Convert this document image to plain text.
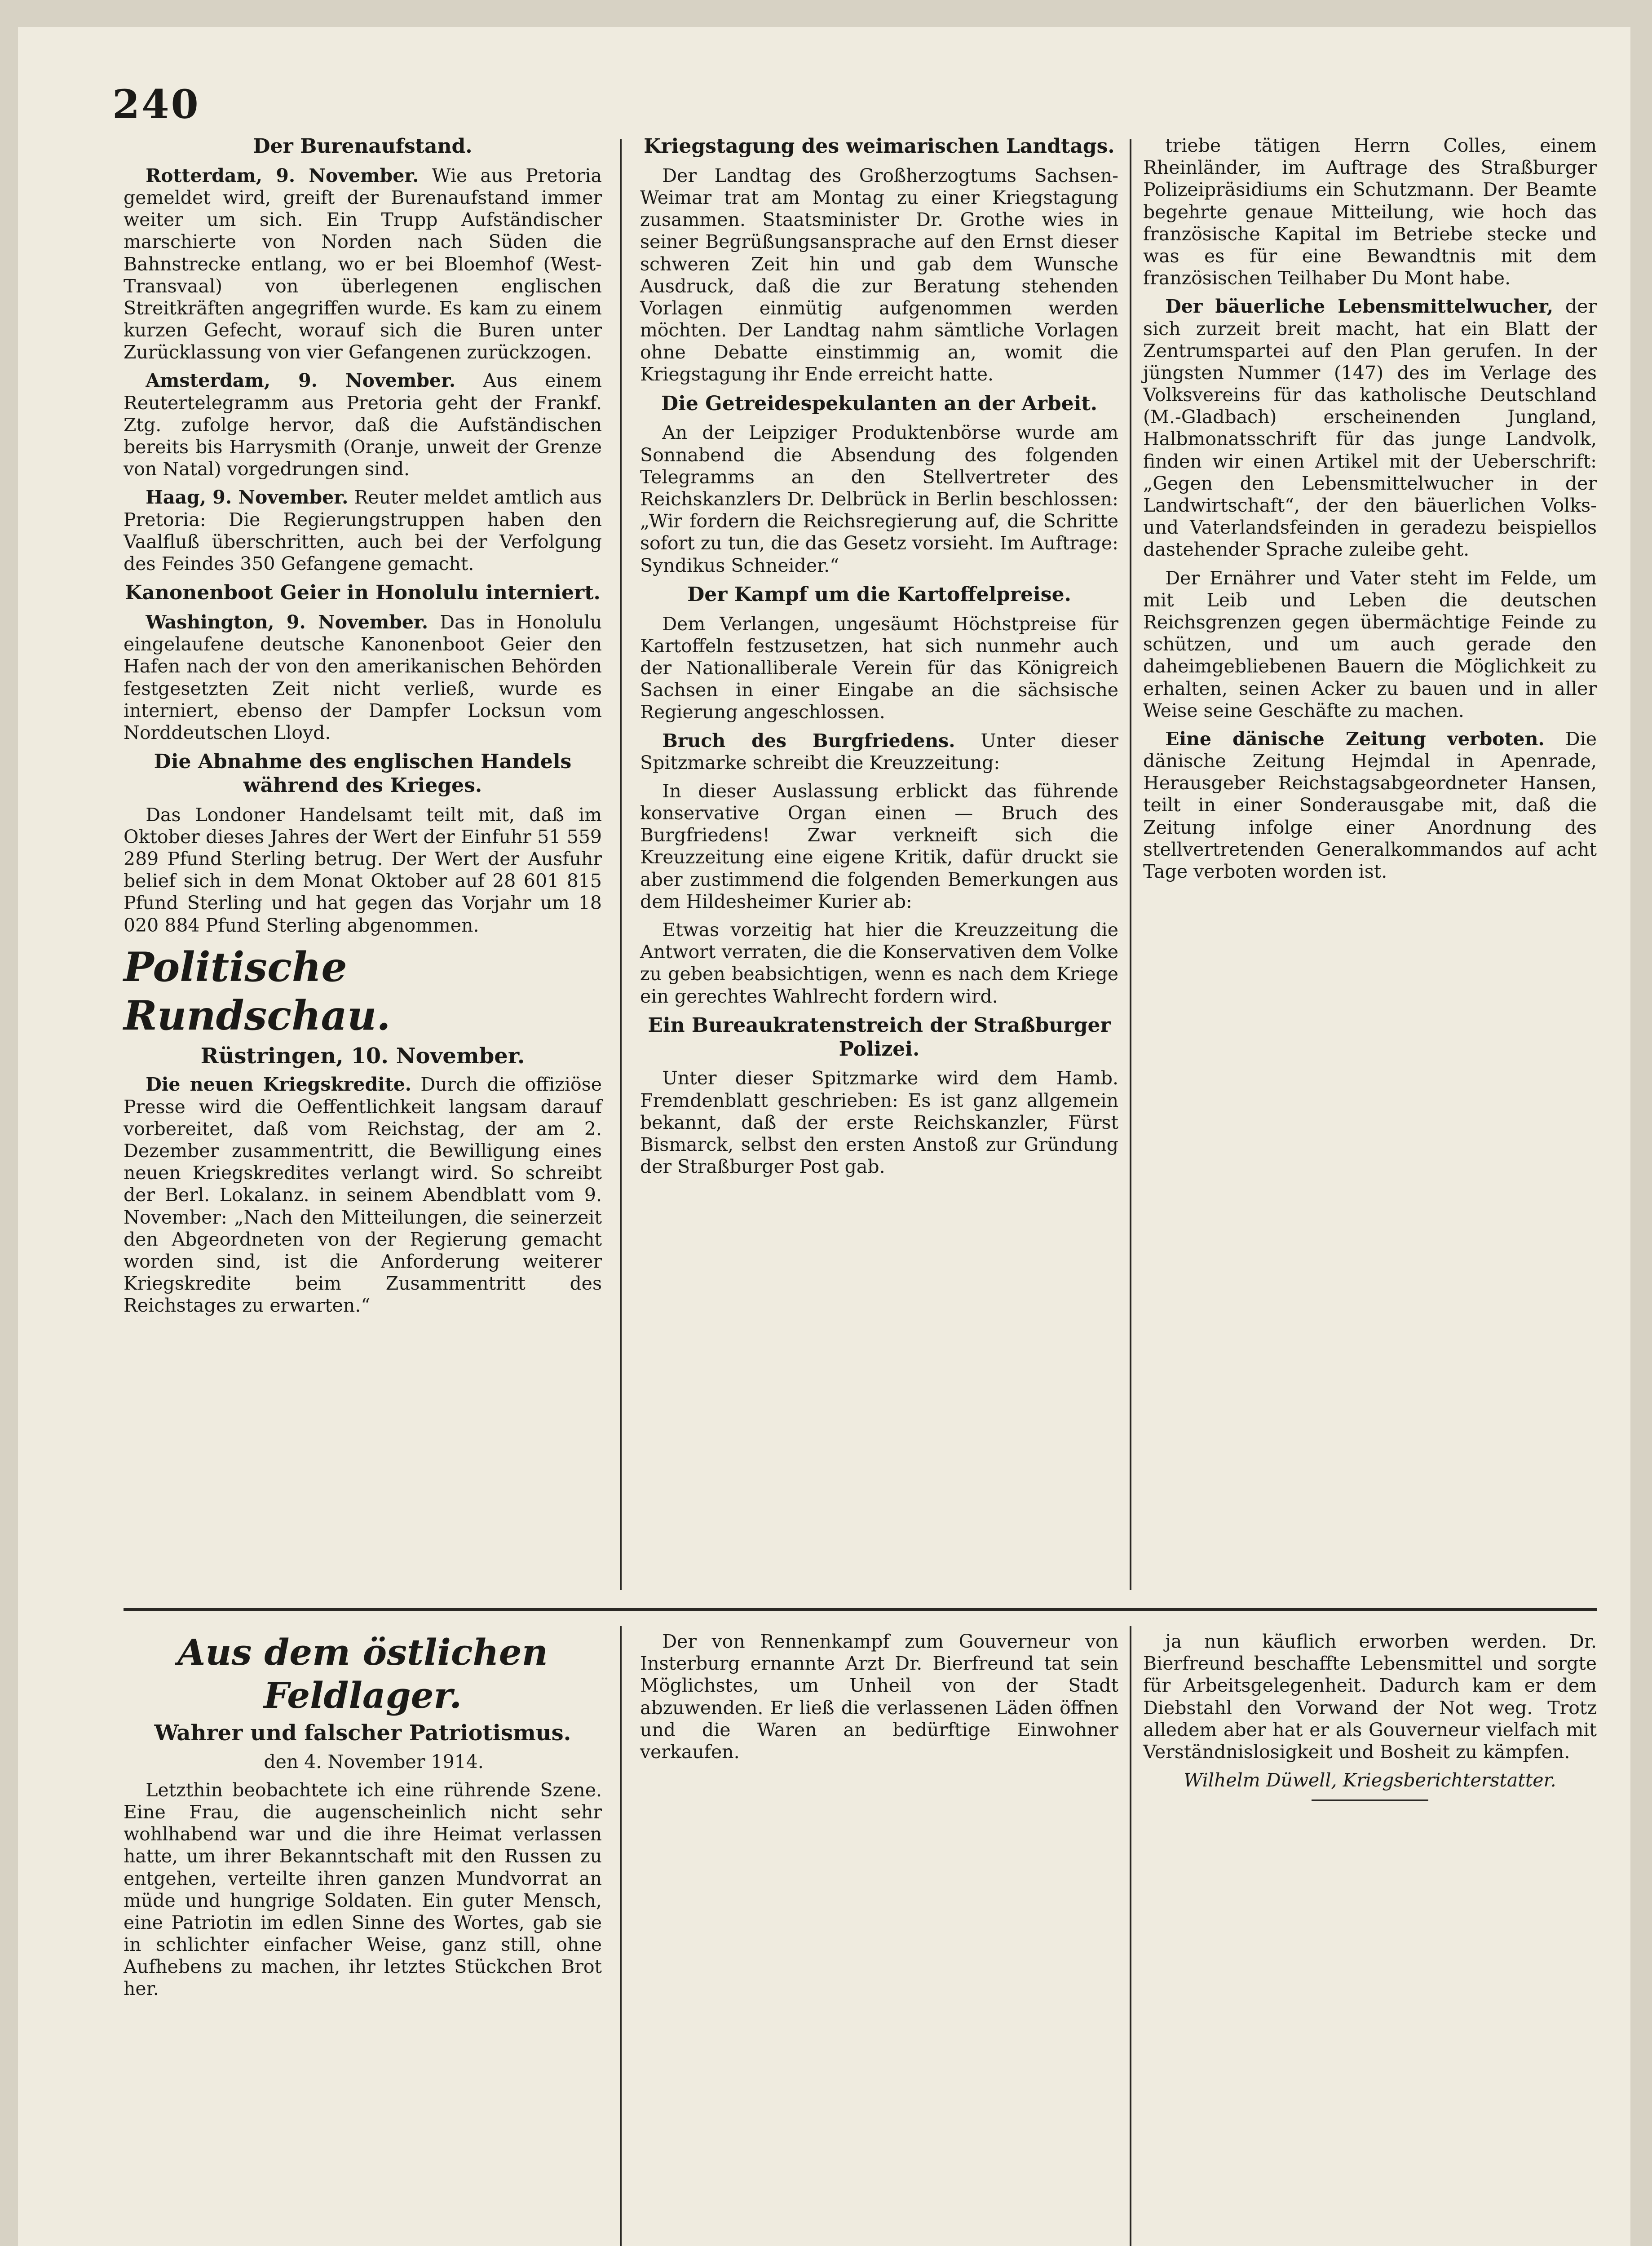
240
Der Burenaufstand.

Rotterdam, 9. November. Wie aus Pretoria gemeldet wird, greift der Burenaufstand immer weiter um sich. Ein Trupp Aufständischer marschierte von Norden nach Süden die Bahnstrecke entlang, wo er bei Bloemhof (West-Transvaal) von überlegenen englischen Streitkräften angegriffen wurde. Es kam zu einem kurzen Gefecht, worauf sich die Buren unter Zurücklassung von vier Gefangenen zurückzogen.

Amsterdam, 9. November. Aus einem Reutertelegramm aus Pretoria geht der Frankf. Ztg. zufolge hervor, daß die Aufständischen bereits bis Harrysmith (Oranje, unweit der Grenze von Natal) vorgedrungen sind.

Haag, 9. November. Reuter meldet amtlich aus Pretoria: Die Regierungstruppen haben den Vaalfluß überschritten, auch bei der Verfolgung des Feindes 350 Gefangene gemacht.

Kanonenboot Geier in Honolulu interniert.

Washington, 9. November. Das in Honolulu eingelaufene deutsche Kanonenboot Geier den Hafen nach der von den amerikanischen Behörden festgesetzten Zeit nicht verließ, wurde es interniert, ebenso der Dampfer Locksun vom Norddeutschen Lloyd.

Die Abnahme des englischen Handels während des Krieges.

Das Londoner Handelsamt teilt mit, daß im Oktober dieses Jahres der Wert der Einfuhr 51 559 289 Pfund Sterling betrug. Der Wert der Ausfuhr belief sich in dem Monat Oktober auf 28 601 815 Pfund Sterling und hat gegen das Vorjahr um 18 020 884 Pfund Sterling abgenommen.

Politische Rundschau.
Rüstringen, 10. November.

Die neuen Kriegskredite. Durch die offiziöse Presse wird die Oeffentlichkeit langsam darauf vorbereitet, daß vom Reichstag, der am 2. Dezember zusammentritt, die Bewilligung eines neuen Kriegskredites verlangt wird. So schreibt der Berl. Lokalanz. in seinem Abendblatt vom 9. November: „Nach den Mitteilungen, die seinerzeit den Abgeordneten von der Regierung gemacht worden sind, ist die Anforderung weiterer Kriegskredite beim Zusammentritt des Reichstages zu erwarten.“

Kriegstagung des weimarischen Landtags.

Der Landtag des Großherzogtums Sachsen-Weimar trat am Montag zu einer Kriegstagung zusammen. Staatsminister Dr. Grothe wies in seiner Begrüßungsansprache auf den Ernst dieser schweren Zeit hin und gab dem Wunsche Ausdruck, daß die zur Beratung stehenden Vorlagen einmütig aufgenommen werden möchten. Der Landtag nahm sämtliche Vorlagen ohne Debatte einstimmig an, womit die Kriegstagung ihr Ende erreicht hatte.

Die Getreidespekulanten an der Arbeit.

An der Leipziger Produktenbörse wurde am Sonnabend die Absendung des folgenden Telegramms an den Stellvertreter des Reichskanzlers Dr. Delbrück in Berlin beschlossen: „Wir fordern die Reichsregierung auf, die Schritte sofort zu tun, die das Gesetz vorsieht. Im Auftrage: Syndikus Schneider.“

Der Kampf um die Kartoffelpreise.

Dem Verlangen, ungesäumt Höchstpreise für Kartoffeln festzusetzen, hat sich nunmehr auch der Nationalliberale Verein für das Königreich Sachsen in einer Eingabe an die sächsische Regierung angeschlossen.

Bruch des Burgfriedens. Unter dieser Spitzmarke schreibt die Kreuzzeitung:

In dieser Auslassung erblickt das führende konservative Organ einen — Bruch des Burgfriedens! Zwar verkneift sich die Kreuzzeitung eine eigene Kritik, dafür druckt sie aber zustimmend die folgenden Bemerkungen aus dem Hildesheimer Kurier ab:

Etwas vorzeitig hat hier die Kreuzzeitung die Antwort verraten, die die Konservativen dem Volke zu geben beabsichtigen, wenn es nach dem Kriege ein gerechtes Wahlrecht fordern wird.

Ein Bureaukratenstreich der Straßburger Polizei.

Unter dieser Spitzmarke wird dem Hamb. Fremdenblatt geschrieben: Es ist ganz allgemein bekannt, daß der erste Reichskanzler, Fürst Bismarck, selbst den ersten Anstoß zur Gründung der Straßburger Post gab.

triebe tätigen Herrn Colles, einem Rheinländer, im Auftrage des Straßburger Polizeipräsidiums ein Schutzmann. Der Beamte begehrte genaue Mitteilung, wie hoch das französische Kapital im Betriebe stecke und was es für eine Bewandtnis mit dem französischen Teilhaber Du Mont habe.

Der bäuerliche Lebensmittelwucher, der sich zurzeit breit macht, hat ein Blatt der Zentrumspartei auf den Plan gerufen. In der jüngsten Nummer (147) des im Verlage des Volksvereins für das katholische Deutschland (M.-Gladbach) erscheinenden Jungland, Halbmonatsschrift für das junge Landvolk, finden wir einen Artikel mit der Ueberschrift: „Gegen den Lebensmittelwucher in der Landwirtschaft“, der den bäuerlichen Volks- und Vaterlandsfeinden in geradezu beispiellos dastehender Sprache zuleibe geht.

Der Ernährer und Vater steht im Felde, um mit Leib und Leben die deutschen Reichsgrenzen gegen übermächtige Feinde zu schützen, und um auch gerade den daheimgebliebenen Bauern die Möglichkeit zu erhalten, seinen Acker zu bauen und in aller Weise seine Geschäfte zu machen.

Eine dänische Zeitung verboten. Die dänische Zeitung Hejmdal in Apenrade, Herausgeber Reichstagsabgeordneter Hansen, teilt in einer Sonderausgabe mit, daß die Zeitung infolge einer Anordnung des stellvertretenden Generalkommandos auf acht Tage verboten worden ist.

Aus dem östlichen Feldlager.
Wahrer und falscher Patriotismus.
den 4. November 1914.

Letzthin beobachtete ich eine rührende Szene. Eine Frau, die augenscheinlich nicht sehr wohlhabend war und die ihre Heimat verlassen hatte, um ihrer Bekanntschaft mit den Russen zu entgehen, verteilte ihren ganzen Mundvorrat an müde und hungrige Soldaten. Ein guter Mensch, eine Patriotin im edlen Sinne des Wortes, gab sie in schlichter einfacher Weise, ganz still, ohne Aufhebens zu machen, ihr letztes Stückchen Brot her.

Der von Rennenkampf zum Gouverneur von Insterburg ernannte Arzt Dr. Bierfreund tat sein Möglichstes, um Unheil von der Stadt abzuwenden. Er ließ die verlassenen Läden öffnen und die Waren an bedürftige Einwohner verkaufen.

ja nun käuflich erworben werden. Dr. Bierfreund beschaffte Lebensmittel und sorgte für Arbeitsgelegenheit. Dadurch kam er dem Diebstahl den Vorwand der Not weg. Trotz alledem aber hat er als Gouverneur vielfach mit Verständnislosigkeit und Bosheit zu kämpfen.

Wilhelm Düwell, Kriegsberichterstatter.
